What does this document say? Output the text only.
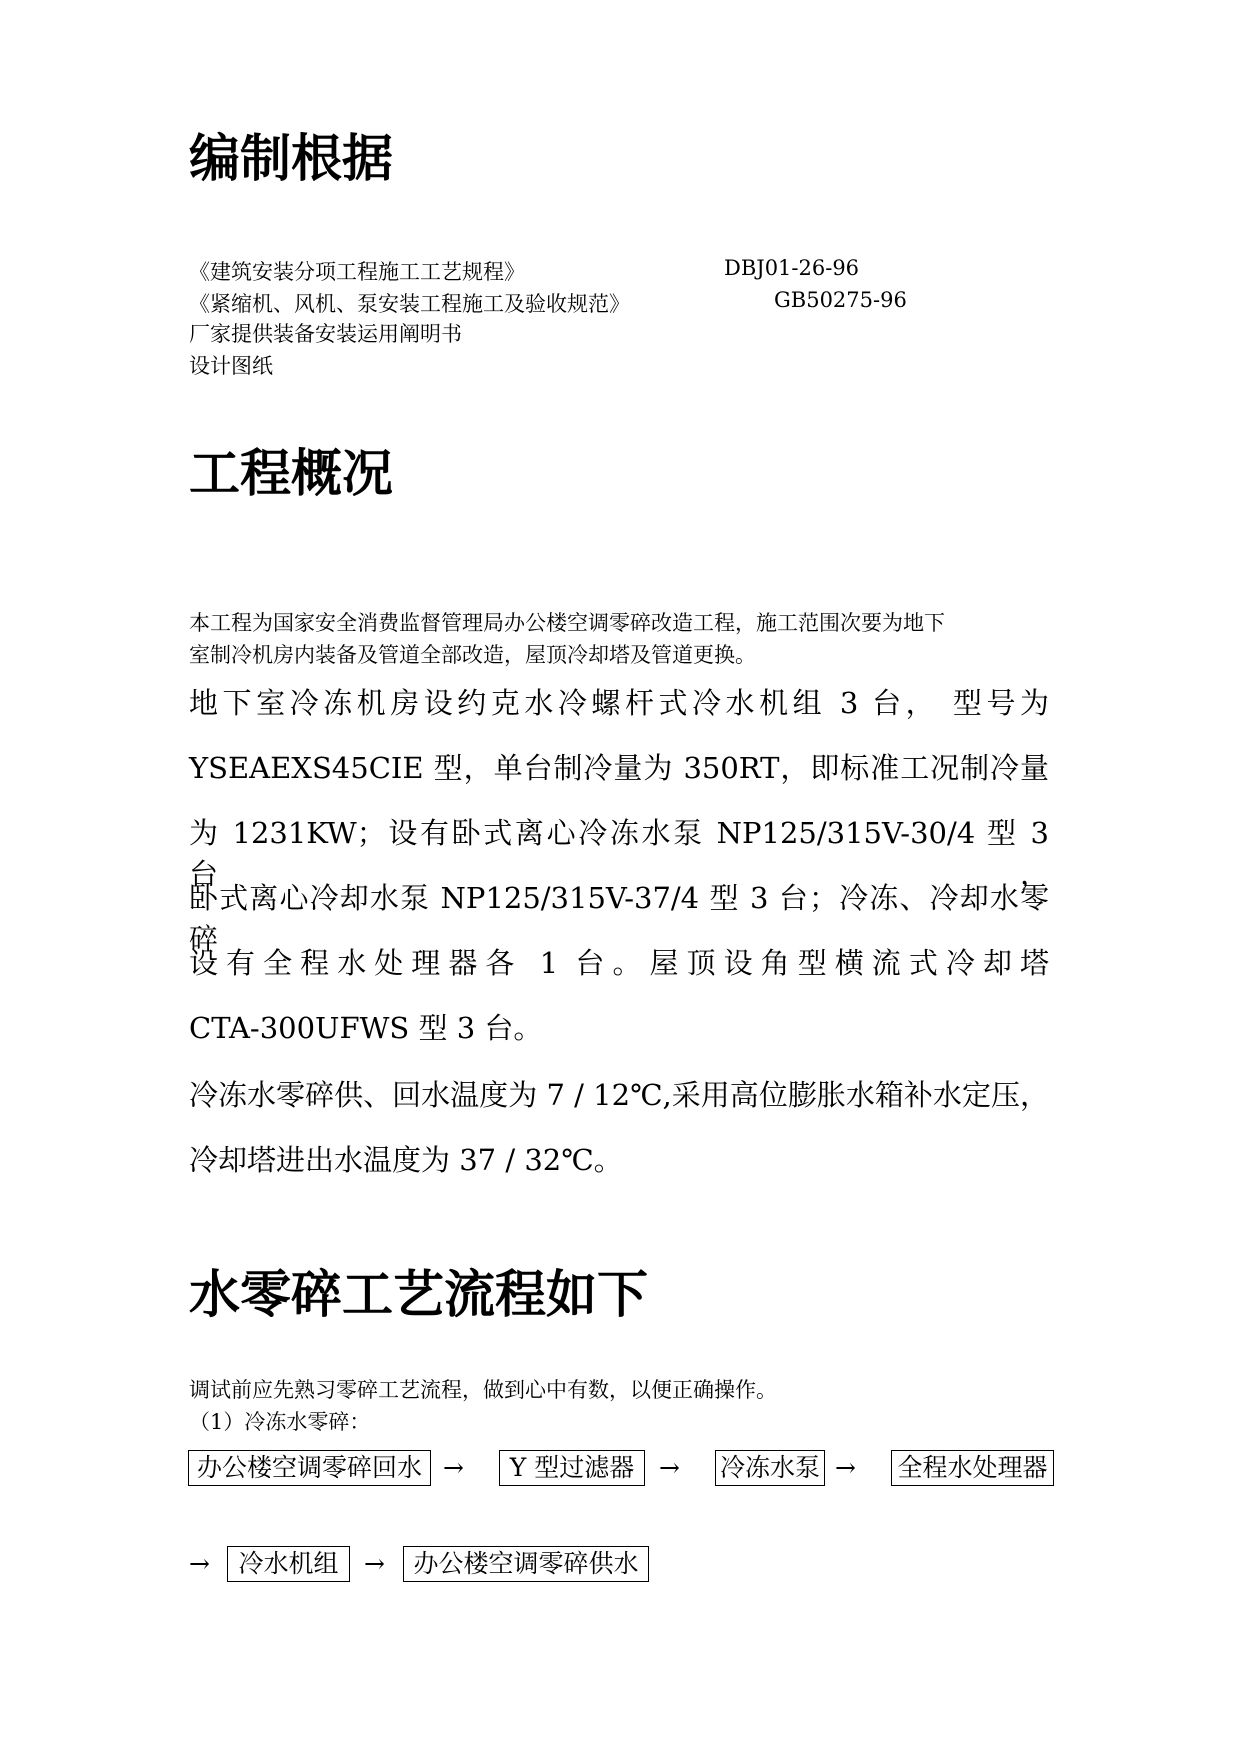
编制根据
《建筑安装分项工程施工工艺规程》	DBJ01-26-96
《紧缩机、风机、泵安装工程施工及验收规范》	GB50275-96
厂家提供装备安装运用阐明书
设计图纸
工程概况
本工程为国家安全消费监督管理局办公楼空调零碎改造工程，施工范围次要为地下
室制冷机房内装备及管道全部改造，屋顶冷却塔及管道更换。
地下室冷冻机房设约克水冷螺杆式冷水机组 3 台， 型号为
YSEAEXS45CIE 型，单台制冷量为 350RT，即标准工况制冷量
为 1231KW；设有卧式离心冷冻水泵 NP125/315V-30/4 型 3 台，
卧式离心冷却水泵 NP125/315V-37/4 型 3 台；冷冻、冷却水零碎
设有全程水处理器各 1 台。屋顶设角型横流式冷却塔
CTA-300UFWS 型 3 台。
冷冻水零碎供、回水温度为 7 / 12℃,采用高位膨胀水箱补水定压，
冷却塔进出水温度为 37 / 32℃。
水零碎工艺流程如下
调试前应先熟习零碎工艺流程，做到心中有数，以便正确操作。
（1）冷冻水零碎：
办公楼空调零碎回水 →	Y 型过滤器 → 冷冻水泵 → 全程水处理器
→	冷水机组	→	办公楼空调零碎供水
